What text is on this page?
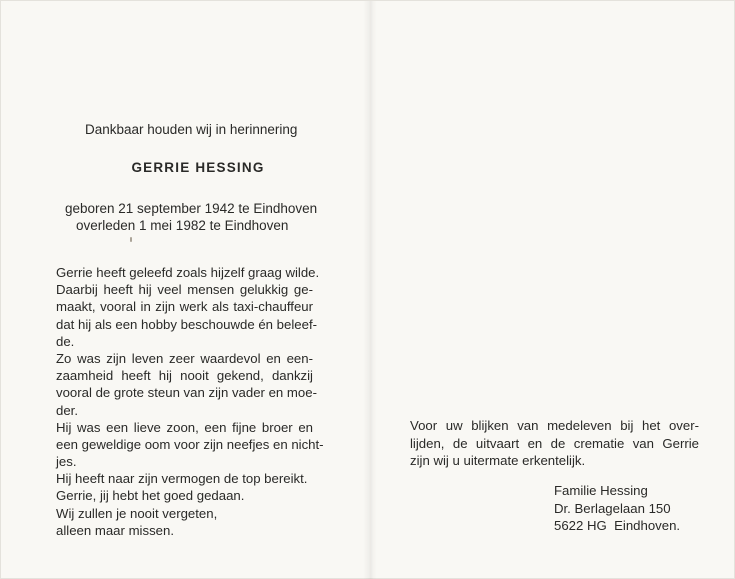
Dankbaar houden wij in herinnering
GERRIE HESSING
geboren 21 september 1942 te Eindhoven
overleden 1 mei 1982 te Eindhoven
Gerrie heeft geleefd zoals hijzelf graag wilde.
Daarbij heeft hij veel mensen gelukkig ge-
maakt, vooral in zijn werk als taxi-chauffeur
dat hij als een hobby beschouwde én beleef-
de.
Zo was zijn leven zeer waardevol en een-
zaamheid heeft hij nooit gekend, dankzij
vooral de grote steun van zijn vader en moe-
der.
Hij was een lieve zoon, een fijne broer en
een geweldige oom voor zijn neefjes en nicht-
jes.
Hij heeft naar zijn vermogen de top bereikt.
Gerrie, jij hebt het goed gedaan.
Wij zullen je nooit vergeten,
alleen maar missen.
Voor uw blijken van medeleven bij het over-
lijden, de uitvaart en de crematie van Gerrie
zijn wij u uitermate erkentelijk.
Familie Hessing
Dr. Berlagelaan 150
5622 HG  Eindhoven.
